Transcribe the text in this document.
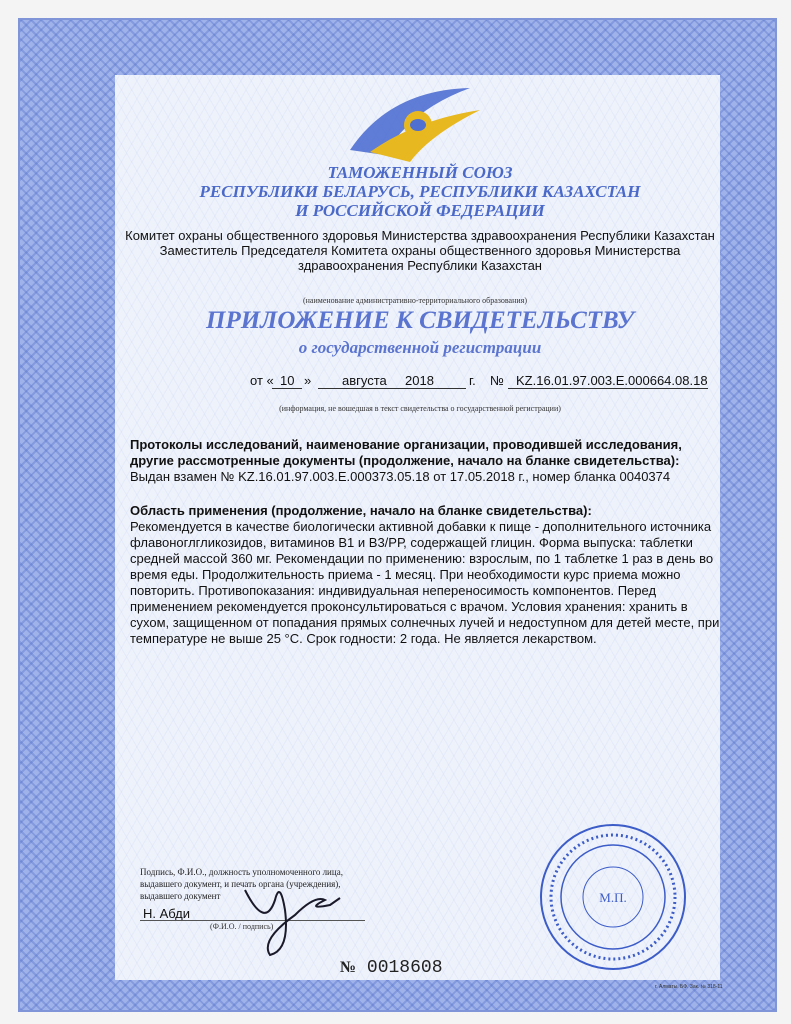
ТАМОЖЕННЫЙ СОЮЗ
РЕСПУБЛИКИ БЕЛАРУСЬ, РЕСПУБЛИКИ КАЗАХСТАН
И РОССИЙСКОЙ ФЕДЕРАЦИИ
Комитет охраны общественного здоровья Министерства здравоохранения Республики Казахстан
Заместитель Председателя Комитета охраны общественного здоровья Министерства
здравоохранения Республики Казахстан
(наименование административно-территориального образования)
ПРИЛОЖЕНИЕ К СВИДЕТЕЛЬСТВУ
о государственной регистрации
от « 10 » августа 2018	г. № KZ.16.01.97.003.E.000664.08.18
(информация, не вошедшая в текст свидетельства о государственной регистрации)
Протоколы исследований, наименование организации, проводившей исследования,
другие рассмотренные документы (продолжение, начало на бланке свидетельства):
Выдан взамен № KZ.16.01.97.003.E.000373.05.18 от 17.05.2018 г., номер бланка 0040374
Область применения (продолжение, начало на бланке свидетельства):
Рекомендуется в качестве биологически активной добавки к пище - дополнительного источника
флавоноглгликозидов, витаминов В1 и В3/РР, содержащей глицин. Форма выпуска: таблетки
средней массой 360 мг. Рекомендации по применению: взрослым, по 1 таблетке 1 раз в день во
время еды. Продолжительность приема - 1 месяц. При необходимости курс приема можно
повторить. Противопоказания: индивидуальная непереносимость компонентов. Перед
применением рекомендуется проконсультироваться с врачом. Условия хранения: хранить в
сухом, защищенном от попадания прямых солнечных лучей и недоступном для детей месте, при
температуре не выше 25 °С. Срок годности: 2 года. Не является лекарством.
Подпись, Ф.И.О., должность уполномоченного лица,
выдавшего документ, и печать органа (учреждения),
выдавшего документ
Н. Абди
(Ф.И.О. / подпись)
М.П.
№ 0018608
г. Алматы. БФ. Зак. № 318-11
